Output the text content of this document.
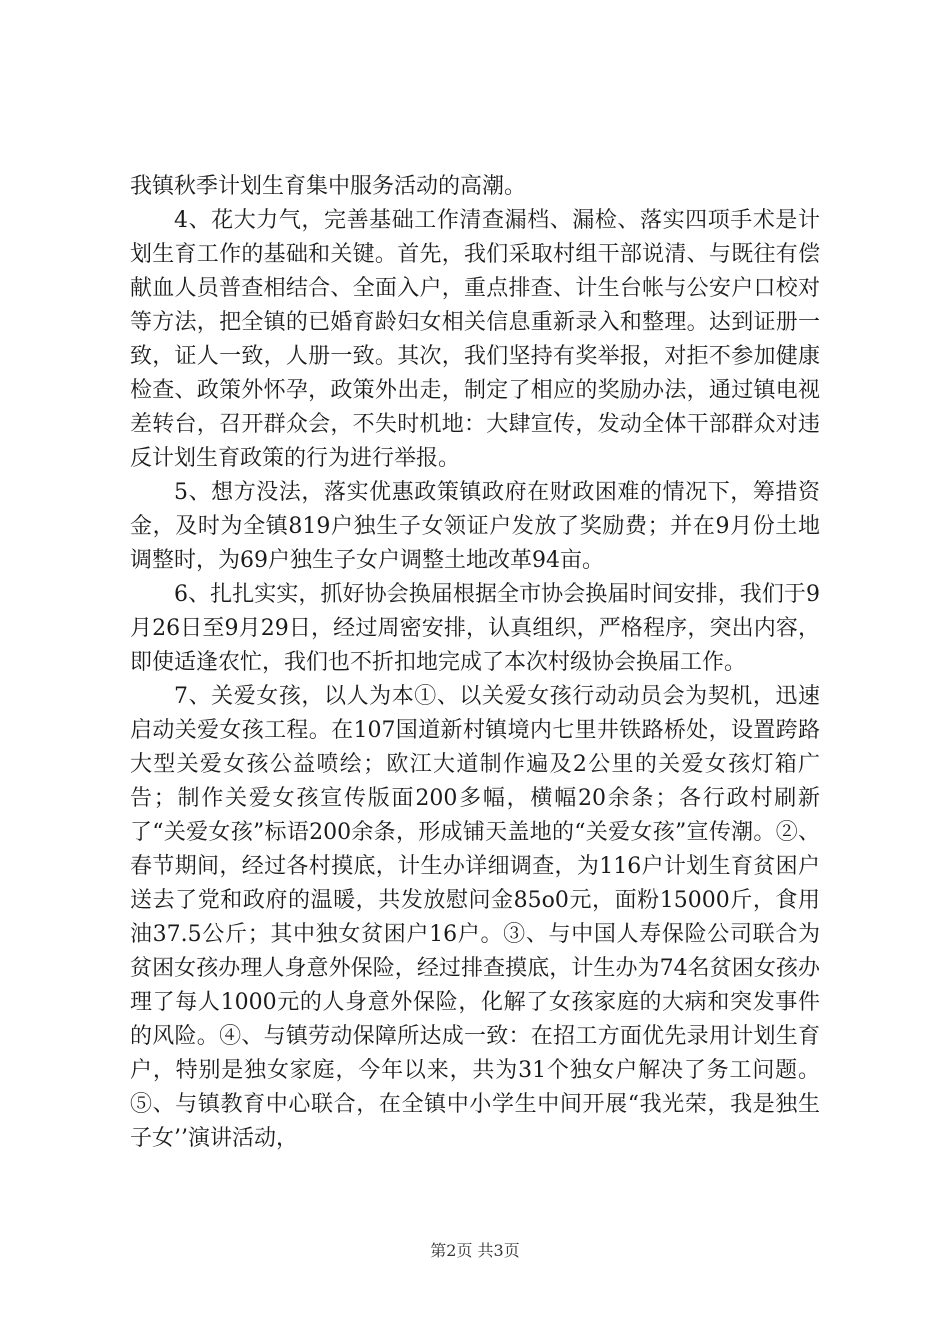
我镇秋季计划生育集中服务活动的高潮。

4、花大力气，完善基础工作清查漏档、漏检、落实四项手术是计划生育工作的基础和关键。首先，我们采取村组干部说清、与既往有偿献血人员普查相结合、全面入户，重点排查、计生台帐与公安户口校对等方法，把全镇的已婚育龄妇女相关信息重新录入和整理。达到证册一致，证人一致，人册一致。其次，我们坚持有奖举报，对拒不参加健康检查、政策外怀孕，政策外出走，制定了相应的奖励办法，通过镇电视差转台，召开群众会，不失时机地：大肆宣传，发动全体干部群众对违反计划生育政策的行为进行举报。

5、想方没法，落实优惠政策镇政府在财政困难的情况下，筹措资金，及时为全镇819户独生子女领证户发放了奖励费；并在9月份土地调整时，为69户独生子女户调整土地改革94亩。

6、扎扎实实，抓好协会换届根据全市协会换届时间安排，我们于9月26日至9月29日，经过周密安排，认真组织，严格程序，突出内容，即使适逢农忙，我们也不折扣地完成了本次村级协会换届工作。

7、关爱女孩，以人为本①、以关爱女孩行动动员会为契机，迅速启动关爱女孩工程。在107国道新村镇境内七里井铁路桥处，设置跨路大型关爱女孩公益喷绘；欧江大道制作遍及2公里的关爱女孩灯箱广告；制作关爱女孩宣传版面200多幅，横幅20余条；各行政村刷新了“关爱女孩”标语200余条，形成铺天盖地的“关爱女孩”宣传潮。②、春节期间，经过各村摸底，计生办详细调查，为116户计划生育贫困户送去了党和政府的温暖，共发放慰问金85o0元，面粉15000斤，食用油37.5公斤；其中独女贫困户16户。③、与中国人寿保险公司联合为贫困女孩办理人身意外保险，经过排查摸底，计生办为74名贫困女孩办理了每人1000元的人身意外保险，化解了女孩家庭的大病和突发事件的风险。④、与镇劳动保障所达成一致：在招工方面优先录用计划生育户，特别是独女家庭，今年以来，共为31个独女户解决了务工问题。⑤、与镇教育中心联合，在全镇中小学生中间开展“我光荣，我是独生子女’’演讲活动，

第2页 共3页
